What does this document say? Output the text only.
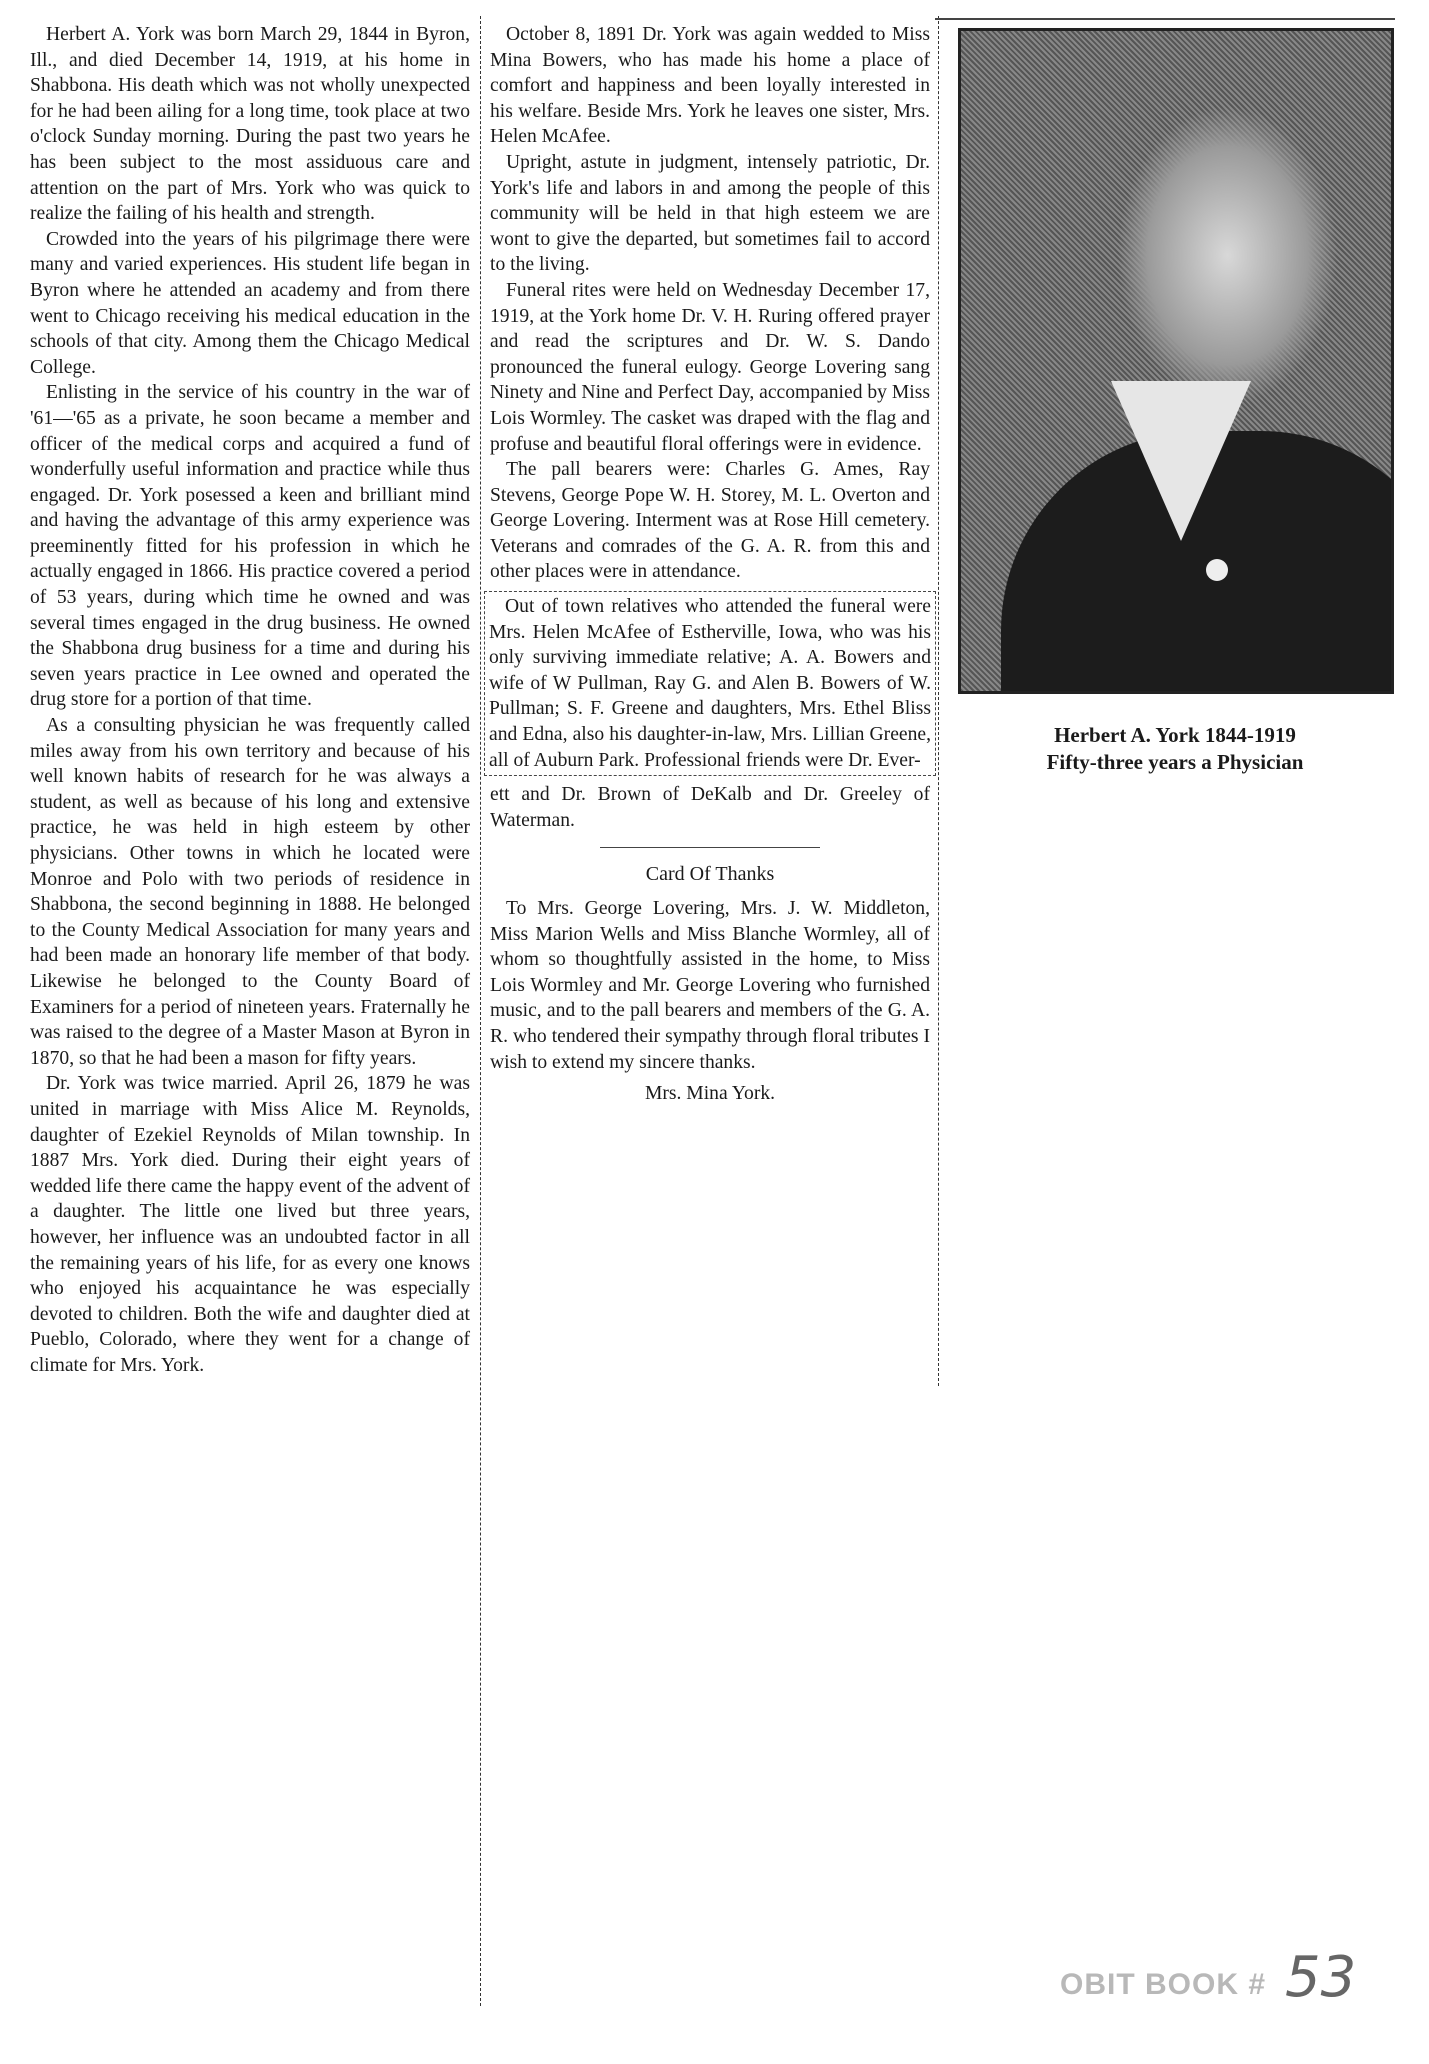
Herbert A. York was born March 29, 1844 in Byron, Ill., and died December 14, 1919, at his home in Shabbona. His death which was not wholly unexpected for he had been ailing for a long time, took place at two o'clock Sunday morning. During the past two years he has been subject to the most assiduous care and attention on the part of Mrs. York who was quick to realize the failing of his health and strength.

Crowded into the years of his pilgrimage there were many and varied experiences. His student life began in Byron where he attended an academy and from there went to Chicago receiving his medical education in the schools of that city. Among them the Chicago Medical College.

Enlisting in the service of his country in the war of '61—'65 as a private, he soon became a member and officer of the medical corps and acquired a fund of wonderfully useful information and practice while thus engaged. Dr. York posessed a keen and brilliant mind and having the advantage of this army experience was preeminently fitted for his profession in which he actually engaged in 1866. His practice covered a period of 53 years, during which time he owned and was several times engaged in the drug business. He owned the Shabbona drug business for a time and during his seven years practice in Lee owned and operated the drug store for a portion of that time.

As a consulting physician he was frequently called miles away from his own territory and because of his well known habits of research for he was always a student, as well as because of his long and extensive practice, he was held in high esteem by other physicians. Other towns in which he located were Monroe and Polo with two periods of residence in Shabbona, the second beginning in 1888. He belonged to the County Medical Association for many years and had been made an honorary life member of that body. Likewise he belonged to the County Board of Examiners for a period of nineteen years. Fraternally he was raised to the degree of a Master Mason at Byron in 1870, so that he had been a mason for fifty years.

Dr. York was twice married. April 26, 1879 he was united in marriage with Miss Alice M. Reynolds, daughter of Ezekiel Reynolds of Milan township. In 1887 Mrs. York died. During their eight years of wedded life there came the happy event of the advent of a daughter. The little one lived but three years, however, her influence was an undoubted factor in all the remaining years of his life, for as every one knows who enjoyed his acquaintance he was especially devoted to children. Both the wife and daughter died at Pueblo, Colorado, where they went for a change of climate for Mrs. York.

October 8, 1891 Dr. York was again wedded to Miss Mina Bowers, who has made his home a place of comfort and happiness and been loyally interested in his welfare. Beside Mrs. York he leaves one sister, Mrs. Helen McAfee.

Upright, astute in judgment, intensely patriotic, Dr. York's life and labors in and among the people of this community will be held in that high esteem we are wont to give the departed, but sometimes fail to accord to the living.

Funeral rites were held on Wednesday December 17, 1919, at the York home Dr. V. H. Ruring offered prayer and read the scriptures and Dr. W. S. Dando pronounced the funeral eulogy. George Lovering sang Ninety and Nine and Perfect Day, accompanied by Miss Lois Wormley. The casket was draped with the flag and profuse and beautiful floral offerings were in evidence.

The pall bearers were: Charles G. Ames, Ray Stevens, George Pope W. H. Storey, M. L. Overton and George Lovering. Interment was at Rose Hill cemetery. Veterans and comrades of the G. A. R. from this and other places were in attendance.

Out of town relatives who attended the funeral were Mrs. Helen McAfee of Estherville, Iowa, who was his only surviving immediate relative; A. A. Bowers and wife of W Pullman, Ray G. and Alen B. Bowers of W. Pullman; S. F. Greene and daughters, Mrs. Ethel Bliss and Edna, also his daughter-in-law, Mrs. Lillian Greene, all of Auburn Park. Professional friends were Dr. Ever-

ett and Dr. Brown of DeKalb and Dr. Greeley of Waterman.

Card Of Thanks

To Mrs. George Lovering, Mrs. J. W. Middleton, Miss Marion Wells and Miss Blanche Wormley, all of whom so thoughtfully assisted in the home, to Miss Lois Wormley and Mr. George Lovering who furnished music, and to the pall bearers and members of the G. A. R. who tendered their sympathy through floral tributes I wish to extend my sincere thanks.

Mrs. Mina York.
Herbert A. York 1844-1919
Fifty-three years a Physician
OBIT BOOK # 53
